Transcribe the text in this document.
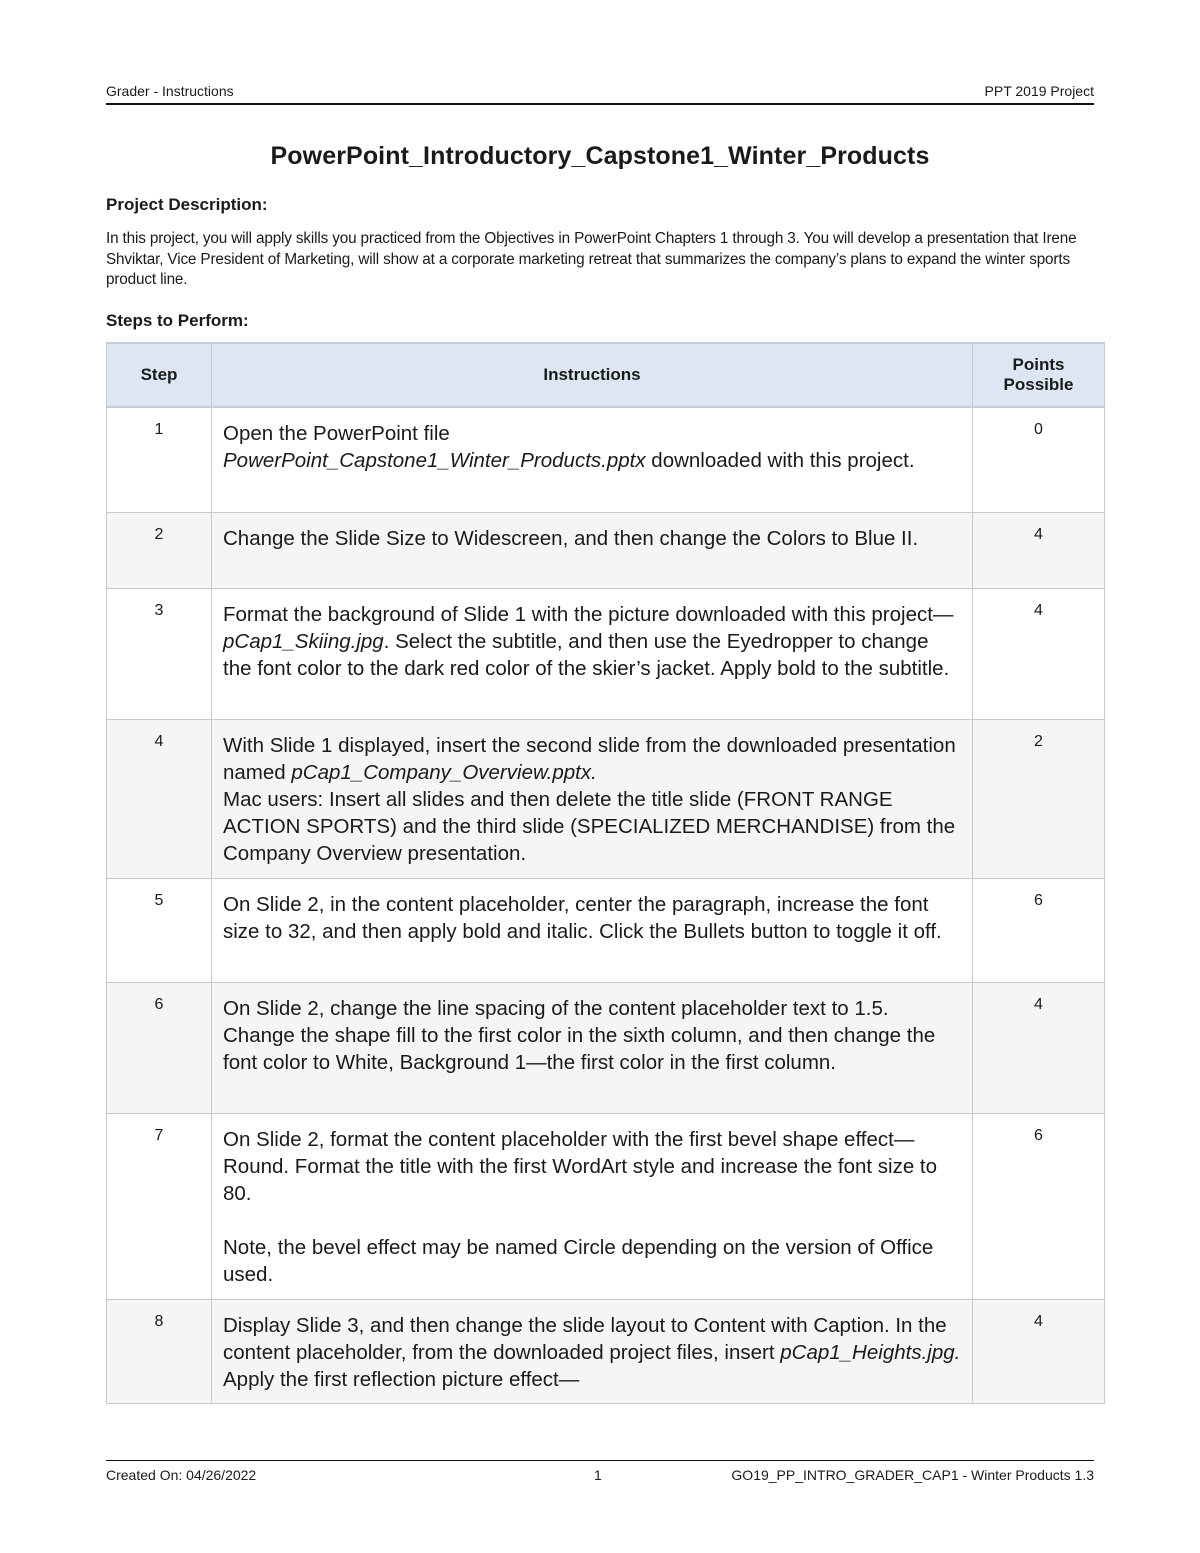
Grader - Instructions	PPT 2019 Project
PowerPoint_Introductory_Capstone1_Winter_Products
Project Description:
In this project, you will apply skills you practiced from the Objectives in PowerPoint Chapters 1 through 3. You will develop a presentation that Irene Shviktar, Vice President of Marketing, will show at a corporate marketing retreat that summarizes the company’s plans to expand the winter sports product line.
Steps to Perform:
Step	Instructions	Points
Possible
1	Open the PowerPoint file
PowerPoint_Capstone1_Winter_Products.pptx downloaded with this project.	0
2	Change the Slide Size to Widescreen, and then change the Colors to Blue II.	4
3	Format the background of Slide 1 with the picture downloaded with this project—pCap1_Skiing.jpg. Select the subtitle, and then use the Eyedropper to change the font color to the dark red color of the skier’s jacket. Apply bold to the subtitle.	4
4	With Slide 1 displayed, insert the second slide from the downloaded presentation named pCap1_Company_Overview.pptx.
Mac users: Insert all slides and then delete the title slide (FRONT RANGE ACTION SPORTS) and the third slide (SPECIALIZED MERCHANDISE) from the Company Overview presentation.	2
5	On Slide 2, in the content placeholder, center the paragraph, increase the font size to 32, and then apply bold and italic. Click the Bullets button to toggle it off.	6
6	On Slide 2, change the line spacing of the content placeholder text to 1.5. Change the shape fill to the first color in the sixth column, and then change the font color to White, Background 1—the first color in the first column.	4
7	On Slide 2, format the content placeholder with the first bevel shape effect—Round. Format the title with the first WordArt style and increase the font size to 80.

Note, the bevel effect may be named Circle depending on the version of Office used.	6
8	Display Slide 3, and then change the slide layout to Content with Caption. In the content placeholder, from the downloaded project files, insert pCap1_Heights.jpg. Apply the first reflection picture effect—	4
Created On: 04/26/2022	1	GO19_PP_INTRO_GRADER_CAP1 - Winter Products 1.3
